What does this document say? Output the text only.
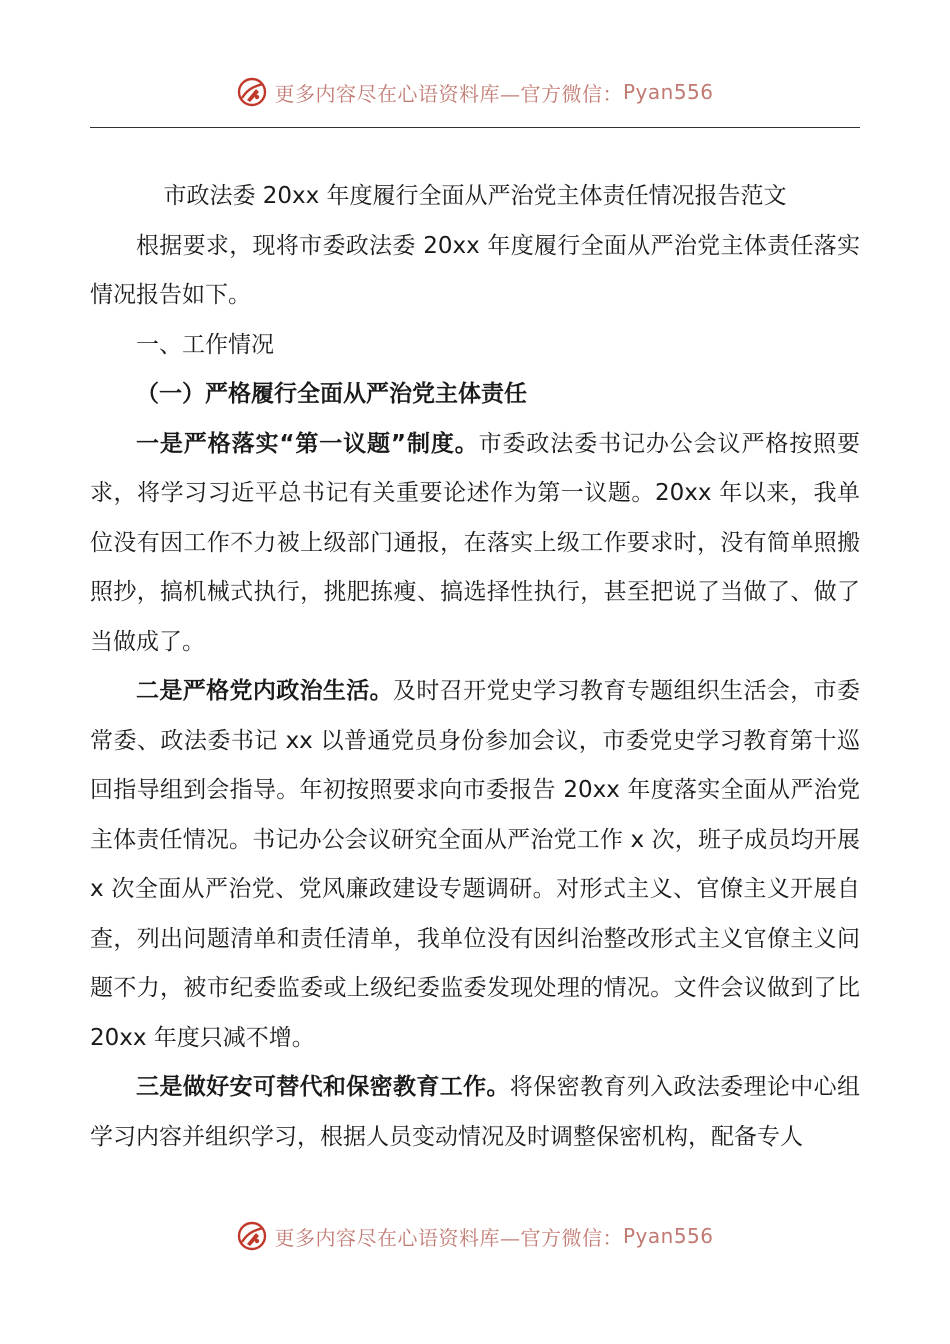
更多内容尽在心语资料库—官方微信： Pyan556

市政法委 20xx 年度履行全面从严治党主体责任情况报告范文

根据要求，现将市委政法委 20xx 年度履行全面从严治党主体责任落实情况报告如下。

一、工作情况

（一）严格履行全面从严治党主体责任

一是严格落实“第一议题”制度。市委政法委书记办公会议严格按照要求，将学习习近平总书记有关重要论述作为第一议题。20xx 年以来，我单位没有因工作不力被上级部门通报，在落实上级工作要求时，没有简单照搬照抄，搞机械式执行，挑肥拣瘦、搞选择性执行，甚至把说了当做了、做了当做成了。

二是严格党内政治生活。及时召开党史学习教育专题组织生活会，市委常委、政法委书记 xx 以普通党员身份参加会议，市委党史学习教育第十巡回指导组到会指导。年初按照要求向市委报告 20xx 年度落实全面从严治党主体责任情况。书记办公会议研究全面从严治党工作 x 次，班子成员均开展 x 次全面从严治党、党风廉政建设专题调研。对形式主义、官僚主义开展自查，列出问题清单和责任清单，我单位没有因纠治整改形式主义官僚主义问题不力，被市纪委监委或上级纪委监委发现处理的情况。文件会议做到了比 20xx 年度只减不增。

三是做好安可替代和保密教育工作。将保密教育列入政法委理论中心组学习内容并组织学习，根据人员变动情况及时调整保密机构，配备专人

更多内容尽在心语资料库—官方微信： Pyan556
